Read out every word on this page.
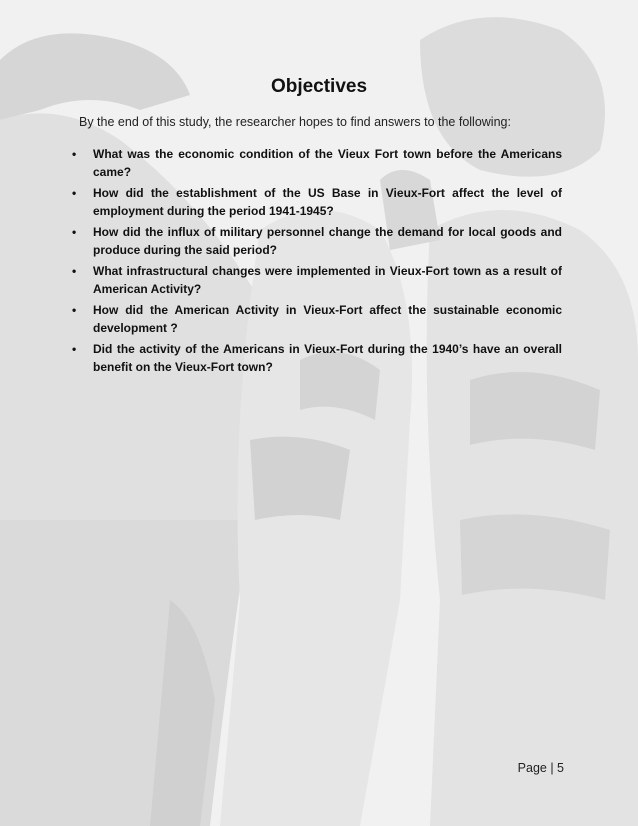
Objectives
By the end of this study, the researcher hopes to find answers to the following:
• What was the economic condition of the Vieux Fort town before the Americans came?
• How did the establishment of the US Base in Vieux-Fort affect the level of employment during the period 1941-1945?
• How did the influx of military personnel change the demand for local goods and produce during the said period?
• What infrastructural changes were implemented in Vieux-Fort town as a result of American Activity?
• How did the American Activity in Vieux-Fort affect the sustainable economic development ?
• Did the activity of the Americans in Vieux-Fort during the 1940’s have an overall benefit on the Vieux-Fort town?
Page | 5
